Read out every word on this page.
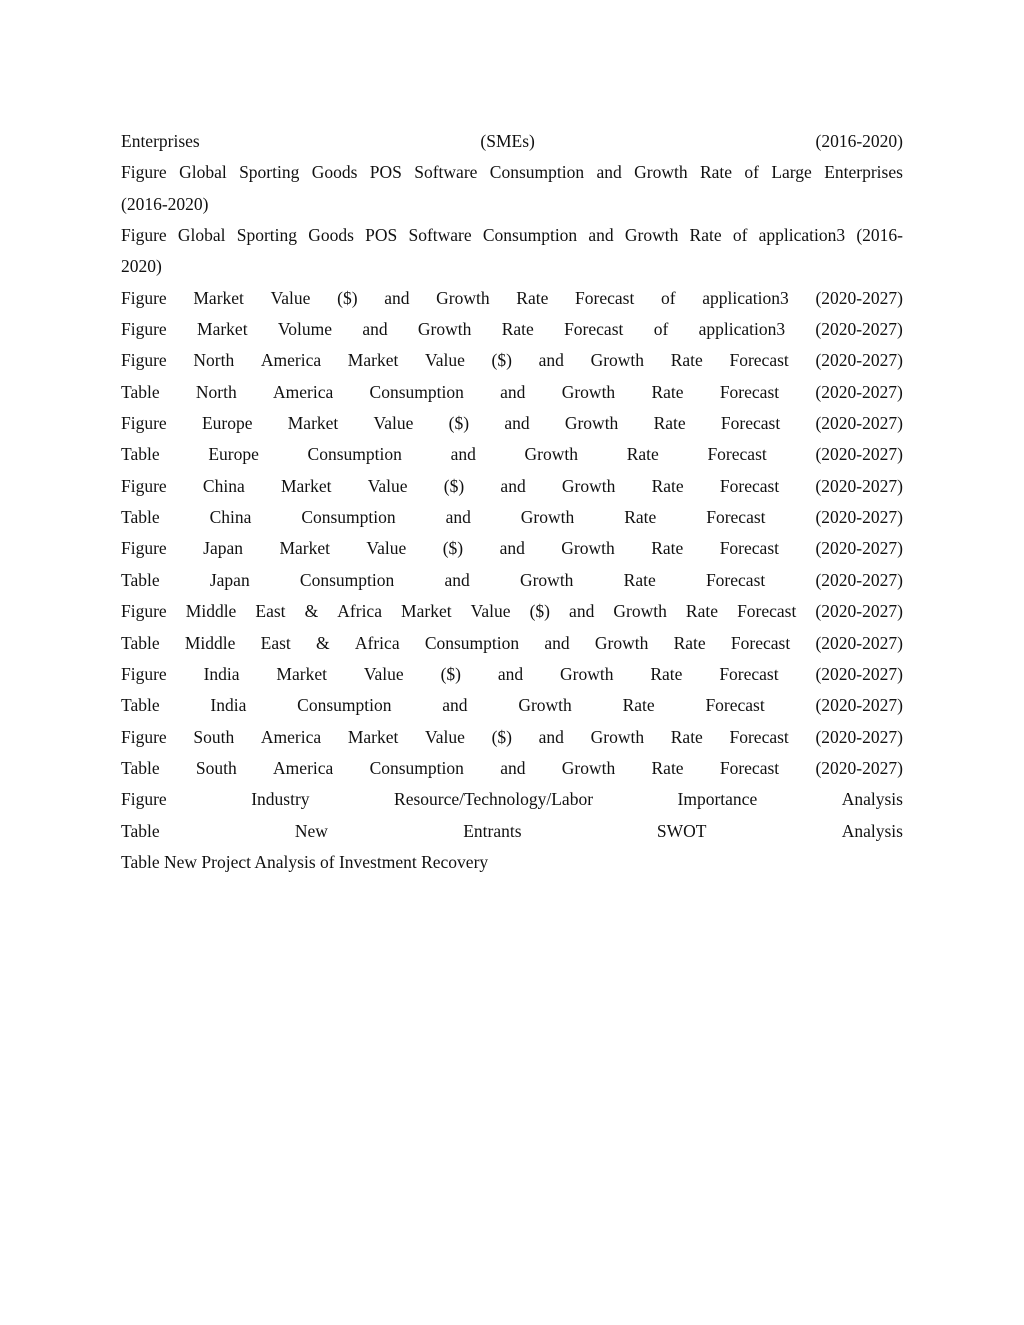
Enterprises	(SMEs)	(2016-2020)
Figure Global Sporting Goods POS Software Consumption and Growth Rate of Large Enterprises
(2016-2020)
Figure Global Sporting Goods POS Software Consumption and Growth Rate of application3 (2016-
2020)
Figure Market Value ($) and Growth Rate Forecast of application3 (2020-2027)
Figure Market Volume and Growth Rate Forecast of application3 (2020-2027)
Figure North America Market Value ($) and Growth Rate Forecast (2020-2027)
Table North America Consumption and Growth Rate Forecast (2020-2027)
Figure Europe Market Value ($) and Growth Rate Forecast (2020-2027)
Table	Europe	Consumption	and	Growth	Rate	Forecast	(2020-2027)
Figure China Market Value ($) and Growth Rate Forecast (2020-2027)
Table	China	Consumption	and	Growth	Rate	Forecast	(2020-2027)
Figure Japan Market Value ($) and Growth Rate Forecast (2020-2027)
Table	Japan	Consumption	and	Growth	Rate	Forecast	(2020-2027)
Figure Middle East & Africa Market Value ($) and Growth Rate Forecast (2020-2027)
Table Middle East & Africa Consumption and Growth Rate Forecast (2020-2027)
Figure India Market Value ($) and Growth Rate Forecast (2020-2027)
Table	India	Consumption	and	Growth	Rate	Forecast	(2020-2027)
Figure South America Market Value ($) and Growth Rate Forecast (2020-2027)
Table South America Consumption and Growth Rate Forecast (2020-2027)
Figure	Industry	Resource/Technology/Labor	Importance	Analysis
Table	New	Entrants	SWOT	Analysis
Table New Project Analysis of Investment Recovery
